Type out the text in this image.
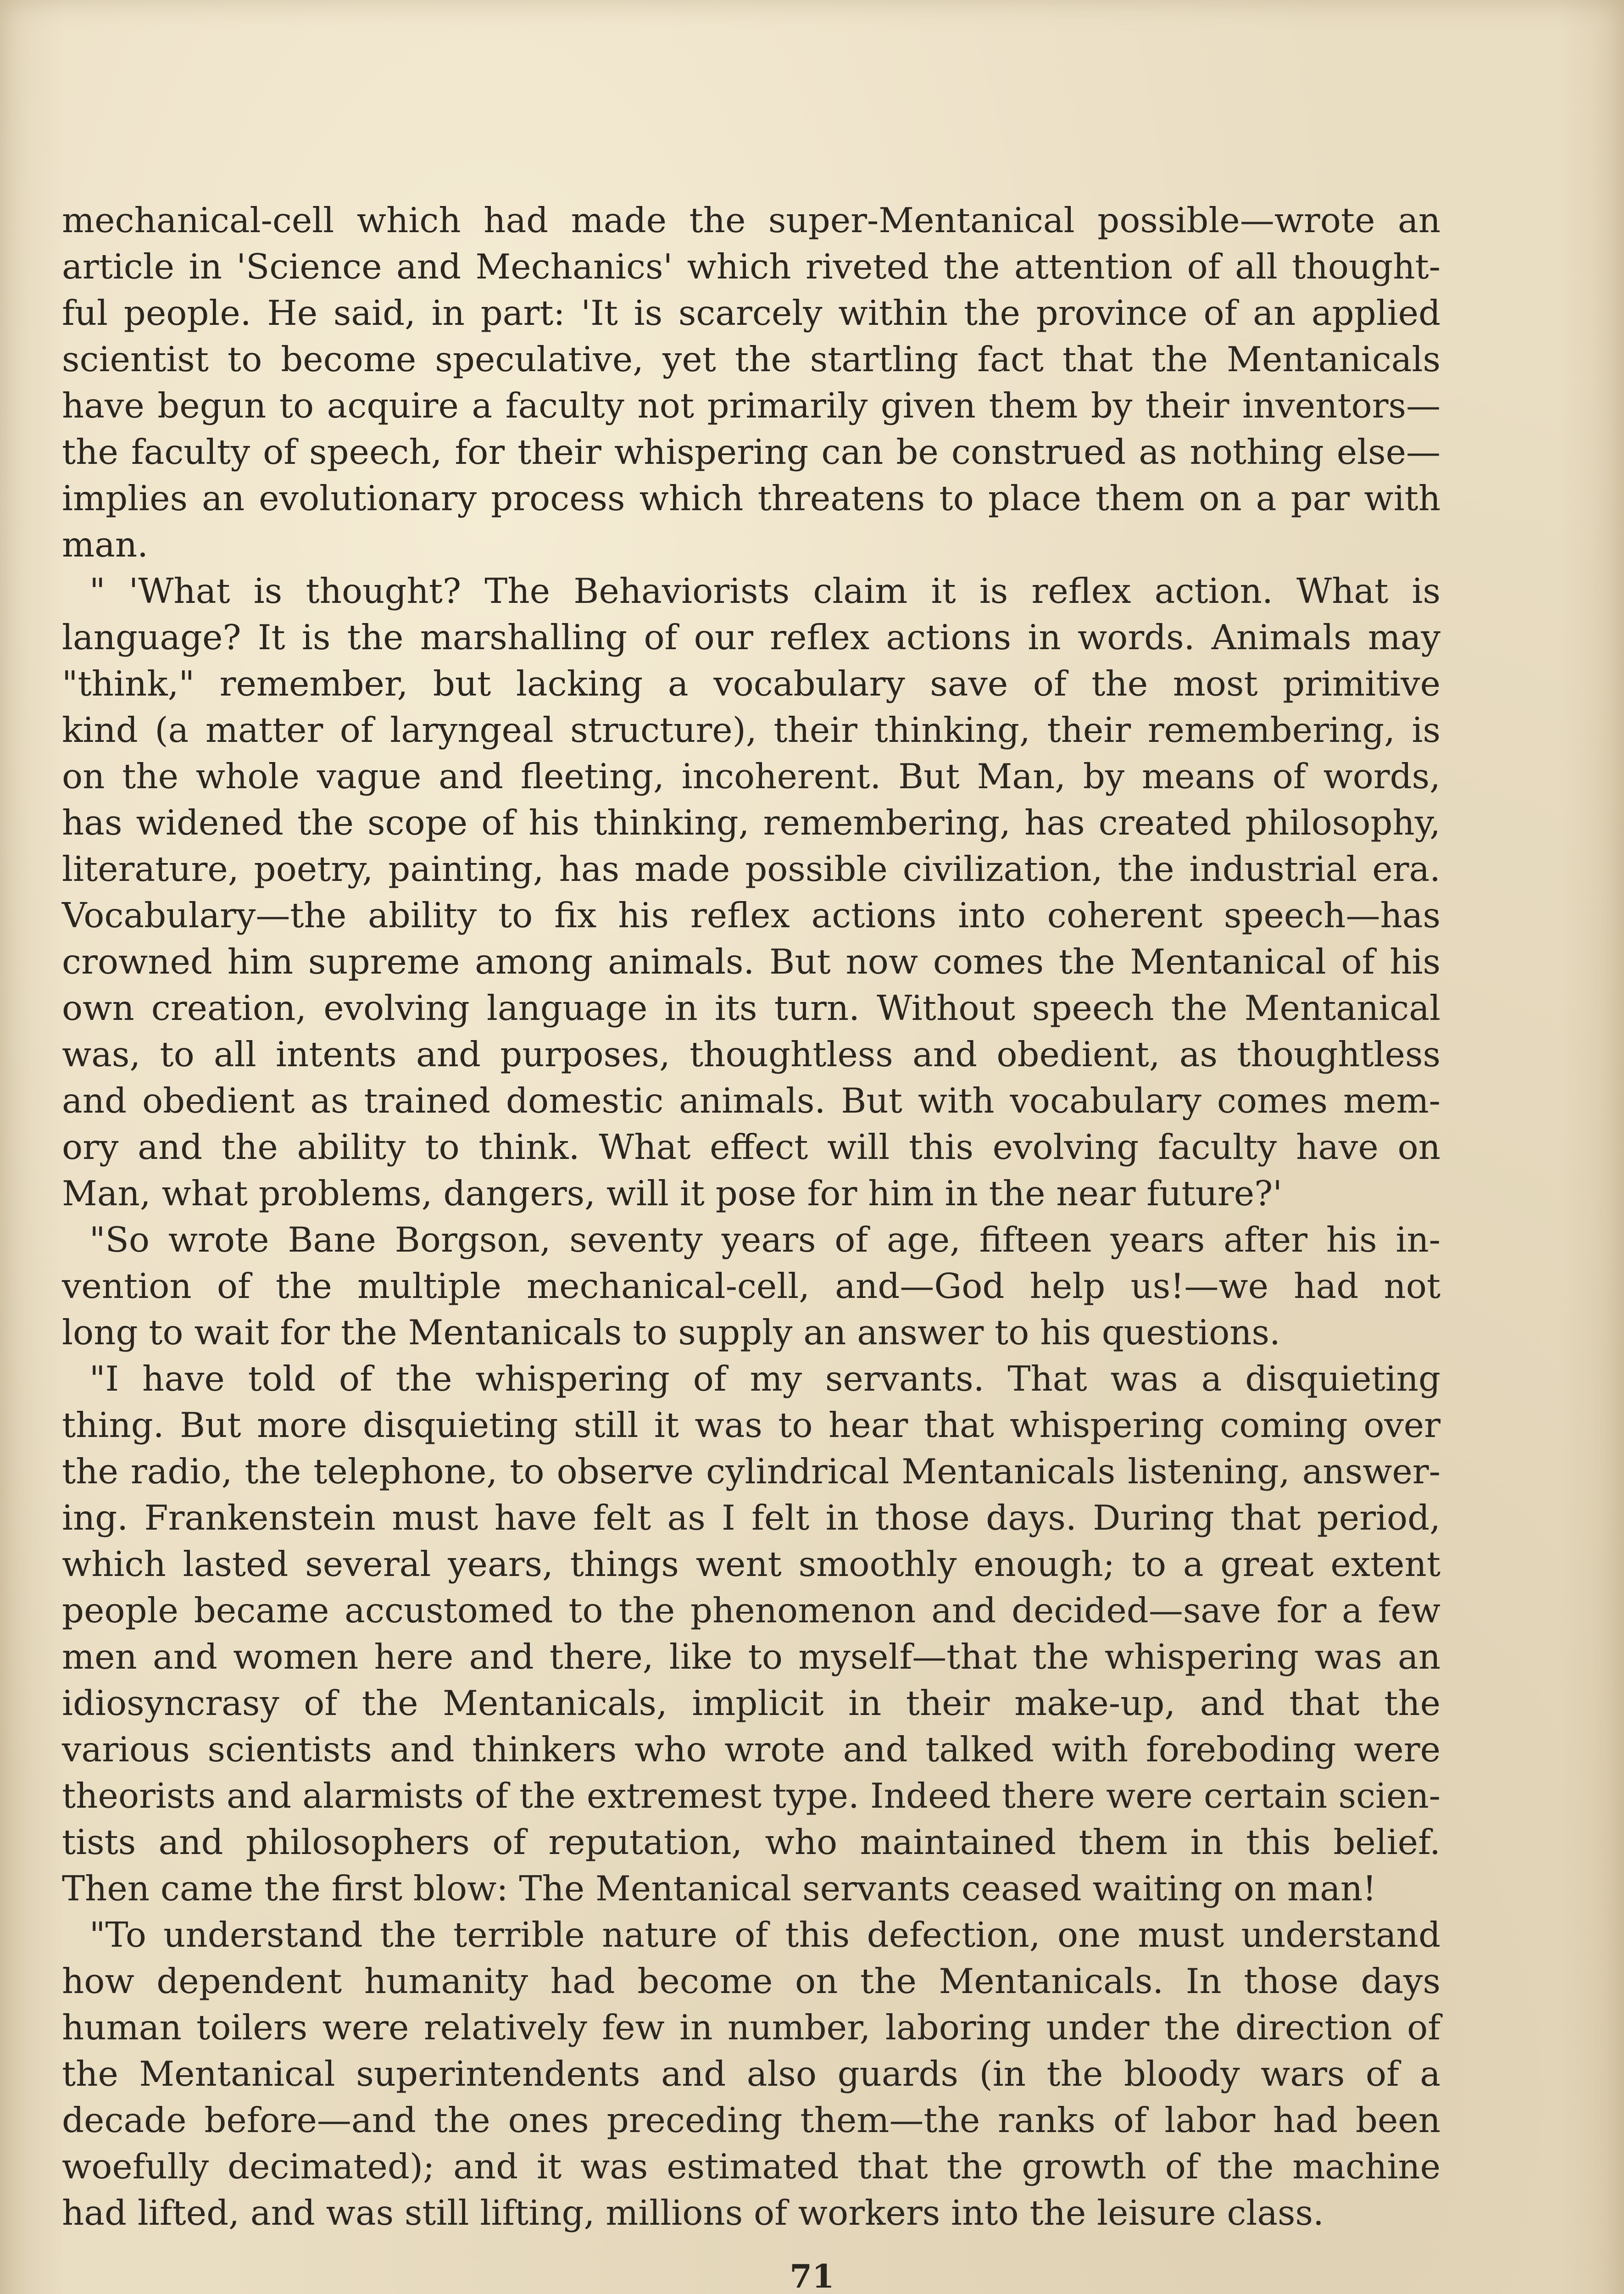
mechanical-cell which had made the super-Mentanical possible—wrote an
article in 'Science and Mechanics' which riveted the attention of all thought-
ful people. He said, in part: 'It is scarcely within the province of an applied
scientist to become speculative, yet the startling fact that the Mentanicals
have begun to acquire a faculty not primarily given them by their inventors—
the faculty of speech, for their whispering can be construed as nothing else—
implies an evolutionary process which threatens to place them on a par with
man.
" 'What is thought? The Behaviorists claim it is reflex action. What is
language? It is the marshalling of our reflex actions in words. Animals may
"think," remember, but lacking a vocabulary save of the most primitive
kind (a matter of laryngeal structure), their thinking, their remembering, is
on the whole vague and fleeting, incoherent. But Man, by means of words,
has widened the scope of his thinking, remembering, has created philosophy,
literature, poetry, painting, has made possible civilization, the industrial era.
Vocabulary—the ability to fix his reflex actions into coherent speech—has
crowned him supreme among animals. But now comes the Mentanical of his
own creation, evolving language in its turn. Without speech the Mentanical
was, to all intents and purposes, thoughtless and obedient, as thoughtless
and obedient as trained domestic animals. But with vocabulary comes mem-
ory and the ability to think. What effect will this evolving faculty have on
Man, what problems, dangers, will it pose for him in the near future?'
"So wrote Bane Borgson, seventy years of age, fifteen years after his in-
vention of the multiple mechanical-cell, and—God help us!—we had not
long to wait for the Mentanicals to supply an answer to his questions.
"I have told of the whispering of my servants. That was a disquieting
thing. But more disquieting still it was to hear that whispering coming over
the radio, the telephone, to observe cylindrical Mentanicals listening, answer-
ing. Frankenstein must have felt as I felt in those days. During that period,
which lasted several years, things went smoothly enough; to a great extent
people became accustomed to the phenomenon and decided—save for a few
men and women here and there, like to myself—that the whispering was an
idiosyncrasy of the Mentanicals, implicit in their make-up, and that the
various scientists and thinkers who wrote and talked with foreboding were
theorists and alarmists of the extremest type. Indeed there were certain scien-
tists and philosophers of reputation, who maintained them in this belief.
Then came the first blow: The Mentanical servants ceased waiting on man!
"To understand the terrible nature of this defection, one must understand
how dependent humanity had become on the Mentanicals. In those days
human toilers were relatively few in number, laboring under the direction of
the Mentanical superintendents and also guards (in the bloody wars of a
decade before—and the ones preceding them—the ranks of labor had been
woefully decimated); and it was estimated that the growth of the machine
had lifted, and was still lifting, millions of workers into the leisure class.
71
